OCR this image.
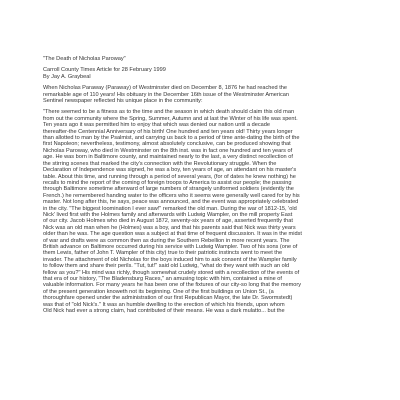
"The Death of Nicholas Paroway"
Carroll County Times Article for 28 February 1999
By Jay A. Graybeal
When Nicholas Paraway (Paraway) of Westminster died on December 8, 1876 he had reached the
remarkable age of 110 years! His obituary in the December 16th issue of the Westminster American
Sentinel newspaper reflected his unique place in the community:
"There seemed to be a fitness as to the time and the season in which death should claim this old man
from out the community where the Spring, Summer, Autumn and at last the Winter of his life was spent.
Ten years ago it was permitted him to enjoy that which was denied our nation until a decade
thereafter-the Centennial Anniversary of his birth! One hundred and ten years old! Thirty years longer
than allotted to man by the Psalmist, and carrying us back to a period of time ante-dating the birth of the
first Napoleon; nevertheless, testimony, almost absolutely conclusive, can be produced showing that
Nicholas Paroway, who died in Westminster on the 8th inst. was in fact one hundred and ten years of
age. He was born in Baltimore county, and maintained nearly to the last, a very distinct recollection of
the stirring scenes that marked the city's connection with the Revolutionary struggle. When the
Declaration of Independence was signed, he was a boy, ten years of age, an attendant on his master's
table. About this time, and running through a period of several years, (for of dates he knew nothing) he
recalls to mind the report of the coming of foreign troops to America to assist our people; the passing
through Baltimore sometime afterward of large numbers of strangely uniformed soldiers (evidently the
French.) he remembered handing water to the officers who it seems were generally well cared for by his
master. Not long after this, he says, peace was announced, and the event was appropriately celebrated
in the city. "The biggest loomination I ever saw!" remarked the old man. During the war of 1812-15, 'old
Nick' lived first with the Holmes family and afterwards with Ludwig Wampler, on the mill property East
of our city. Jacob Holmes who died in August 1872, seventy-six years of age, asserted frequently that
Nick was an old man when he (Holmes) was a boy, and that his parents said that Nick was thirty years
older than he was. The age question was a subject at that time of frequent discussion. It was in the midst
of war and drafts were as common then as during the Southern Rebellion in more recent years. The
British advance on Baltimore occurred during his service with Ludwig Wampler. Two of his sons (one of
them Lewis, father of John T. Wampler of this city) true to their patriotic instincts went to meet the
invader. The attachment of old Nicholas for the boys induced him to ask consent of the Wampler family
to follow them and share their perils. "Tut, tut!" said old Ludwig, "what do they want with such an old
fellow as you?" His mind was richly, though somewhat crudely stored with a recollection of the events of
that era of our history, "The Bladensburg Races," an amusing topic with him, contained a mine of
valuable information. For many years he has been one of the fixtures of our city-so long that the memory
of the present generation knoweth not its beginning. One of the first buildings on Union St., (a
thoroughfare opened under the administration of our first Republican Mayor, the late Dr. Swormstedt)
was that of "old Nick's." It was an humble dwelling to the erection of which his friends, upon whom
Old Nick had ever a strong claim, had contributed of their means. He was a dark mulatto... but the
